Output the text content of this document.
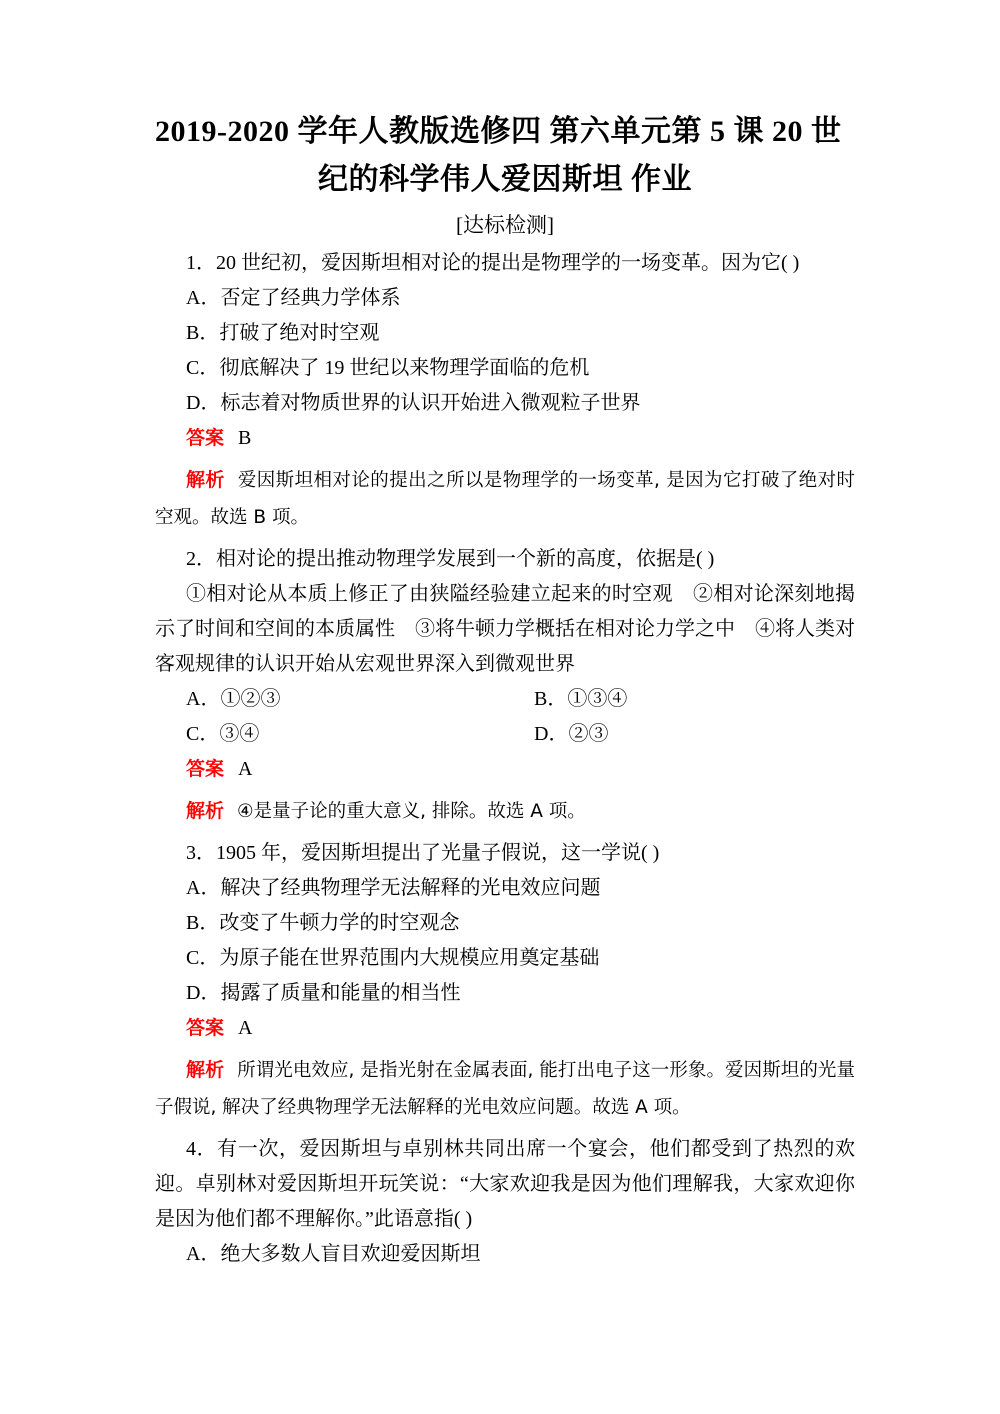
2019-2020 学年人教版选修四 第六单元第 5 课 20 世
纪的科学伟人爱因斯坦 作业
[达标检测]
1．20 世纪初，爱因斯坦相对论的提出是物理学的一场变革。因为它( )
A．否定了经典力学体系
B．打破了绝对时空观
C．彻底解决了 19 世纪以来物理学面临的危机
D．标志着对物质世界的认识开始进入微观粒子世界
答案 B
解析 爱因斯坦相对论的提出之所以是物理学的一场变革, 是因为它打破了绝对时空观。故选 B 项。
2．相对论的提出推动物理学发展到一个新的高度，依据是( )
①相对论从本质上修正了由狭隘经验建立起来的时空观　②相对论深刻地揭示了时间和空间的本质属性　③将牛顿力学概括在相对论力学之中　④将人类对客观规律的认识开始从宏观世界深入到微观世界
A．①②③	B．①③④
C．③④	D．②③
答案 A
解析 ④是量子论的重大意义, 排除。故选 A 项。
3．1905 年，爱因斯坦提出了光量子假说，这一学说( )
A．解决了经典物理学无法解释的光电效应问题
B．改变了牛顿力学的时空观念
C．为原子能在世界范围内大规模应用奠定基础
D．揭露了质量和能量的相当性
答案 A
解析 所谓光电效应, 是指光射在金属表面, 能打出电子这一形象。爱因斯坦的光量子假说, 解决了经典物理学无法解释的光电效应问题。故选 A 项。
4．有一次，爱因斯坦与卓别林共同出席一个宴会，他们都受到了热烈的欢迎。卓别林对爱因斯坦开玩笑说：“大家欢迎我是因为他们理解我，大家欢迎你是因为他们都不理解你。”此语意指( )
A．绝大多数人盲目欢迎爱因斯坦
